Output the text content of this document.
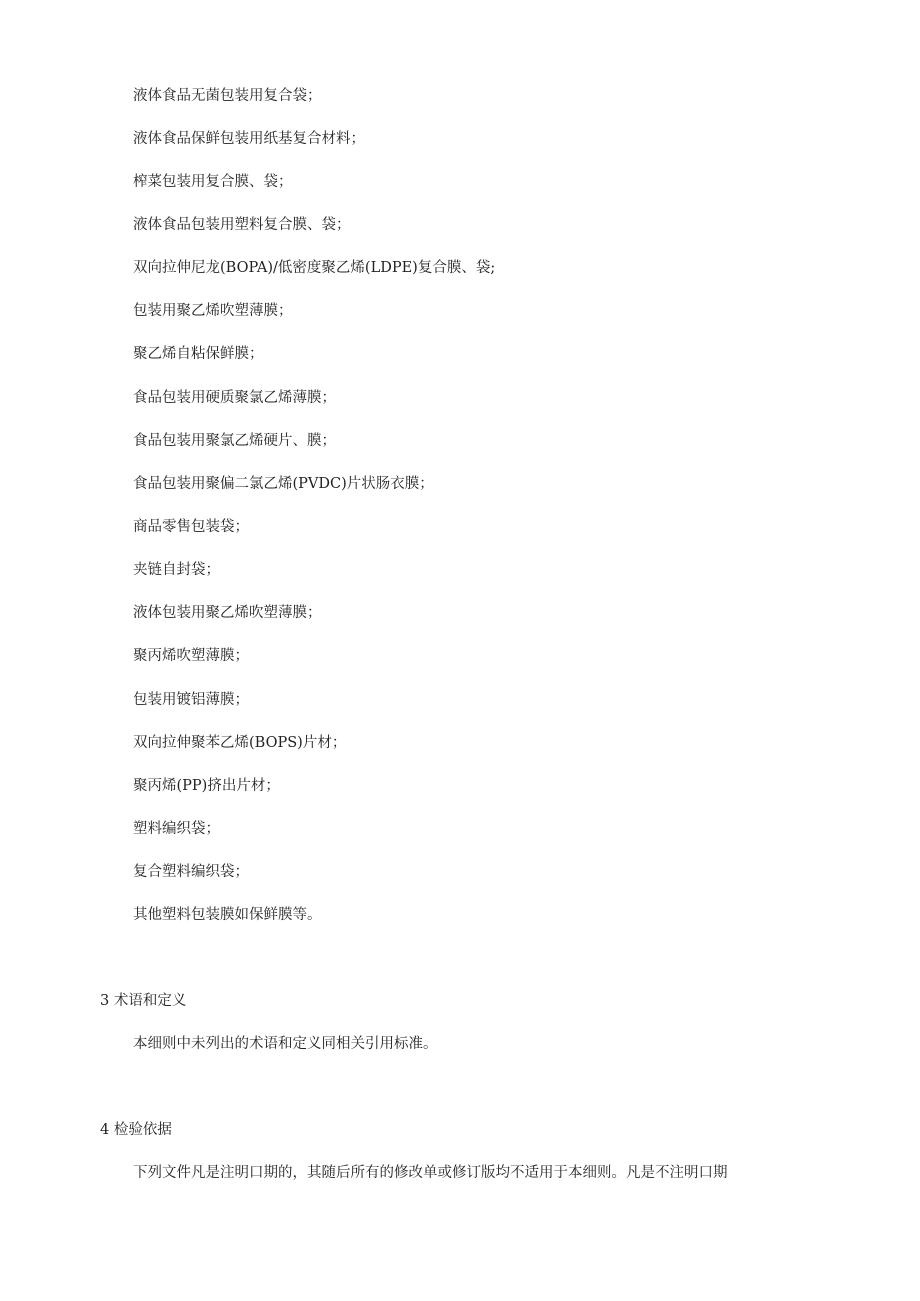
液体食品无菌包装用复合袋；
液体食品保鲜包装用纸基复合材料；
榨菜包装用复合膜、袋；
液体食品包装用塑料复合膜、袋；
双向拉伸尼龙(BOPA)/低密度聚乙烯(LDPE)复合膜、袋;
包装用聚乙烯吹塑薄膜；
聚乙烯自粘保鲜膜；
食品包装用硬质聚氯乙烯薄膜；
食品包装用聚氯乙烯硬片、膜；
食品包装用聚偏二氯乙烯(PVDC)片状肠衣膜；
商品零售包装袋；
夹链自封袋；
液体包装用聚乙烯吹塑薄膜；
聚丙烯吹塑薄膜；
包装用镀铝薄膜；
双向拉伸聚苯乙烯(BOPS)片材；
聚丙烯(PP)挤出片材；
塑料编织袋；
复合塑料编织袋；
其他塑料包装膜如保鲜膜等。
3 术语和定义
本细则中未列出的术语和定义同相关引用标准。
4 检验依据
下列文件凡是注明口期的，其随后所有的修改单或修订版均不适用于本细则。凡是不注明口期
